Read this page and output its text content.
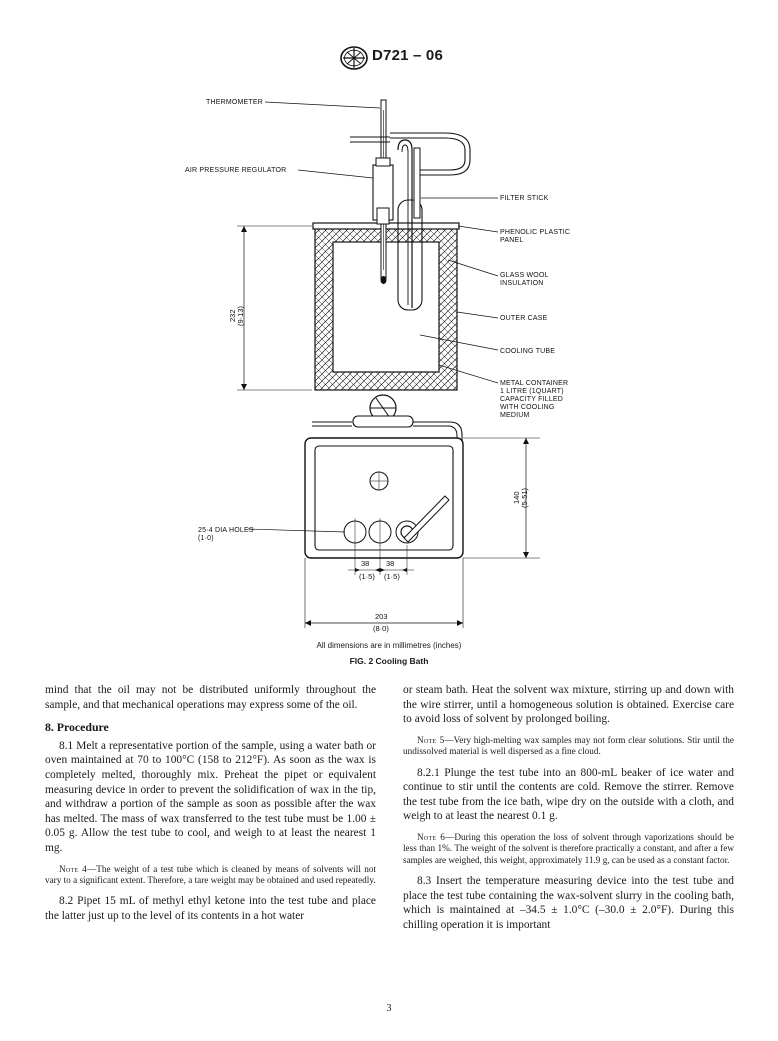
D721 – 06
THERMOMETER
AIR PRESSURE REGULATOR
FILTER STICK
PHENOLIC PLASTIC
PANEL
GLASS WOOL
INSULATION
OUTER CASE
COOLING TUBE
METAL CONTAINER
1 LITRE (1QUART)
CAPACITY FILLED
WITH COOLING
MEDIUM
232 (9·13)
25·4 DIA HOLES
(1·0)
140 (5·51)
38
(1·5)
38
(1·5)
203
(8·0)
All dimensions are in millimetres (inches)
FIG. 2 Cooling Bath

mind that the oil may not be distributed uniformly throughout the sample, and that mechanical operations may express some of the oil.

8. Procedure

8.1 Melt a representative portion of the sample, using a water bath or oven maintained at 70 to 100°C (158 to 212°F). As soon as the wax is completely melted, thoroughly mix. Preheat the pipet or equivalent measuring device in order to prevent the solidification of wax in the tip, and withdraw a portion of the sample as soon as possible after the wax has melted. The mass of wax transferred to the test tube must be 1.00 ± 0.05 g. Allow the test tube to cool, and weigh to at least the nearest 1 mg.

Note 4—The weight of a test tube which is cleaned by means of solvents will not vary to a significant extent. Therefore, a tare weight may be obtained and used repeatedly.

8.2 Pipet 15 mL of methyl ethyl ketone into the test tube and place the latter just up to the level of its contents in a hot water

or steam bath. Heat the solvent wax mixture, stirring up and down with the wire stirrer, until a homogeneous solution is obtained. Exercise care to avoid loss of solvent by prolonged boiling.

Note 5—Very high-melting wax samples may not form clear solutions. Stir until the undissolved material is well dispersed as a fine cloud.

8.2.1 Plunge the test tube into an 800-mL beaker of ice water and continue to stir until the contents are cold. Remove the stirrer. Remove the test tube from the ice bath, wipe dry on the outside with a cloth, and weigh to at least the nearest 0.1 g.

Note 6—During this operation the loss of solvent through vaporizations should be less than 1%. The weight of the solvent is therefore practically a constant, and after a few samples are weighed, this weight, approximately 11.9 g, can be used as a constant factor.

8.3 Insert the temperature measuring device into the test tube and place the test tube containing the wax-solvent slurry in the cooling bath, which is maintained at –34.5 ± 1.0°C (–30.0 ± 2.0°F). During this chilling operation it is important

3
